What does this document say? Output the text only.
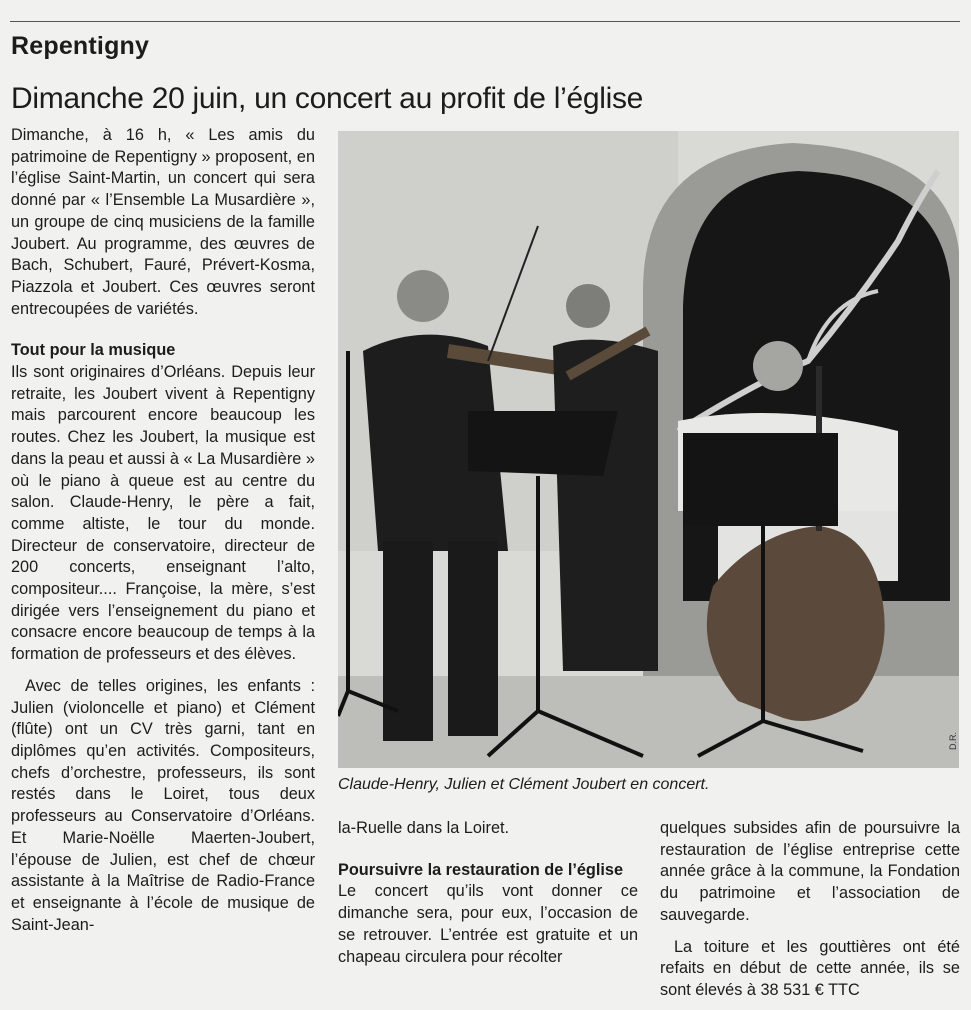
Repentigny
Dimanche 20 juin, un concert au profit de l’église

Dimanche, à 16 h, « Les amis du patrimoine de Repentigny » proposent, en l’église Saint-Martin, un concert qui sera donné par « l’Ensemble La Musardière », un groupe de cinq musiciens de la famille Joubert. Au programme, des œuvres de Bach, Schubert, Fauré, Prévert-Kosma, Piazzola et Joubert. Ces œuvres seront entrecoupées de variétés.

Tout pour la musique

Ils sont originaires d’Orléans. Depuis leur retraite, les Joubert vivent à Repentigny mais parcourent encore beaucoup les routes. Chez les Joubert, la musique est dans la peau et aussi à « La Musardière » où le piano à queue est au centre du salon. Claude-Henry, le père a fait, comme altiste, le tour du monde. Directeur de conservatoire, directeur de 200 concerts, enseignant l’alto, compositeur.... Françoise, la mère, s’est dirigée vers l’enseignement du piano et consacre encore beaucoup de temps à la formation de professeurs et des élèves.

Avec de telles origines, les enfants : Julien (violoncelle et piano) et Clément (flûte) ont un CV très garni, tant en diplômes qu’en activités. Compositeurs, chefs d’orchestre, professeurs, ils sont restés dans le Loiret, tous deux professeurs au Conservatoire d’Orléans. Et Marie-Noëlle Maerten-Joubert, l’épouse de Julien, est chef de chœur assistante à la Maîtrise de Radio-France et enseignante à l’école de musique de Saint-Jean-

D.R.
Claude-Henry, Julien et Clément Joubert en concert.

la-Ruelle dans la Loiret.

Poursuivre la restauration de l’église

Le concert qu’ils vont donner ce dimanche sera, pour eux, l’occasion de se retrouver. L’entrée est gratuite et un chapeau circulera pour récolter

quelques subsides afin de poursuivre la restauration de l’église entreprise cette année grâce à la commune, la Fondation du patrimoine et l’association de sauvegarde.

La toiture et les gouttières ont été refaits en début de cette année, ils se sont élevés à 38 531 € TTC
